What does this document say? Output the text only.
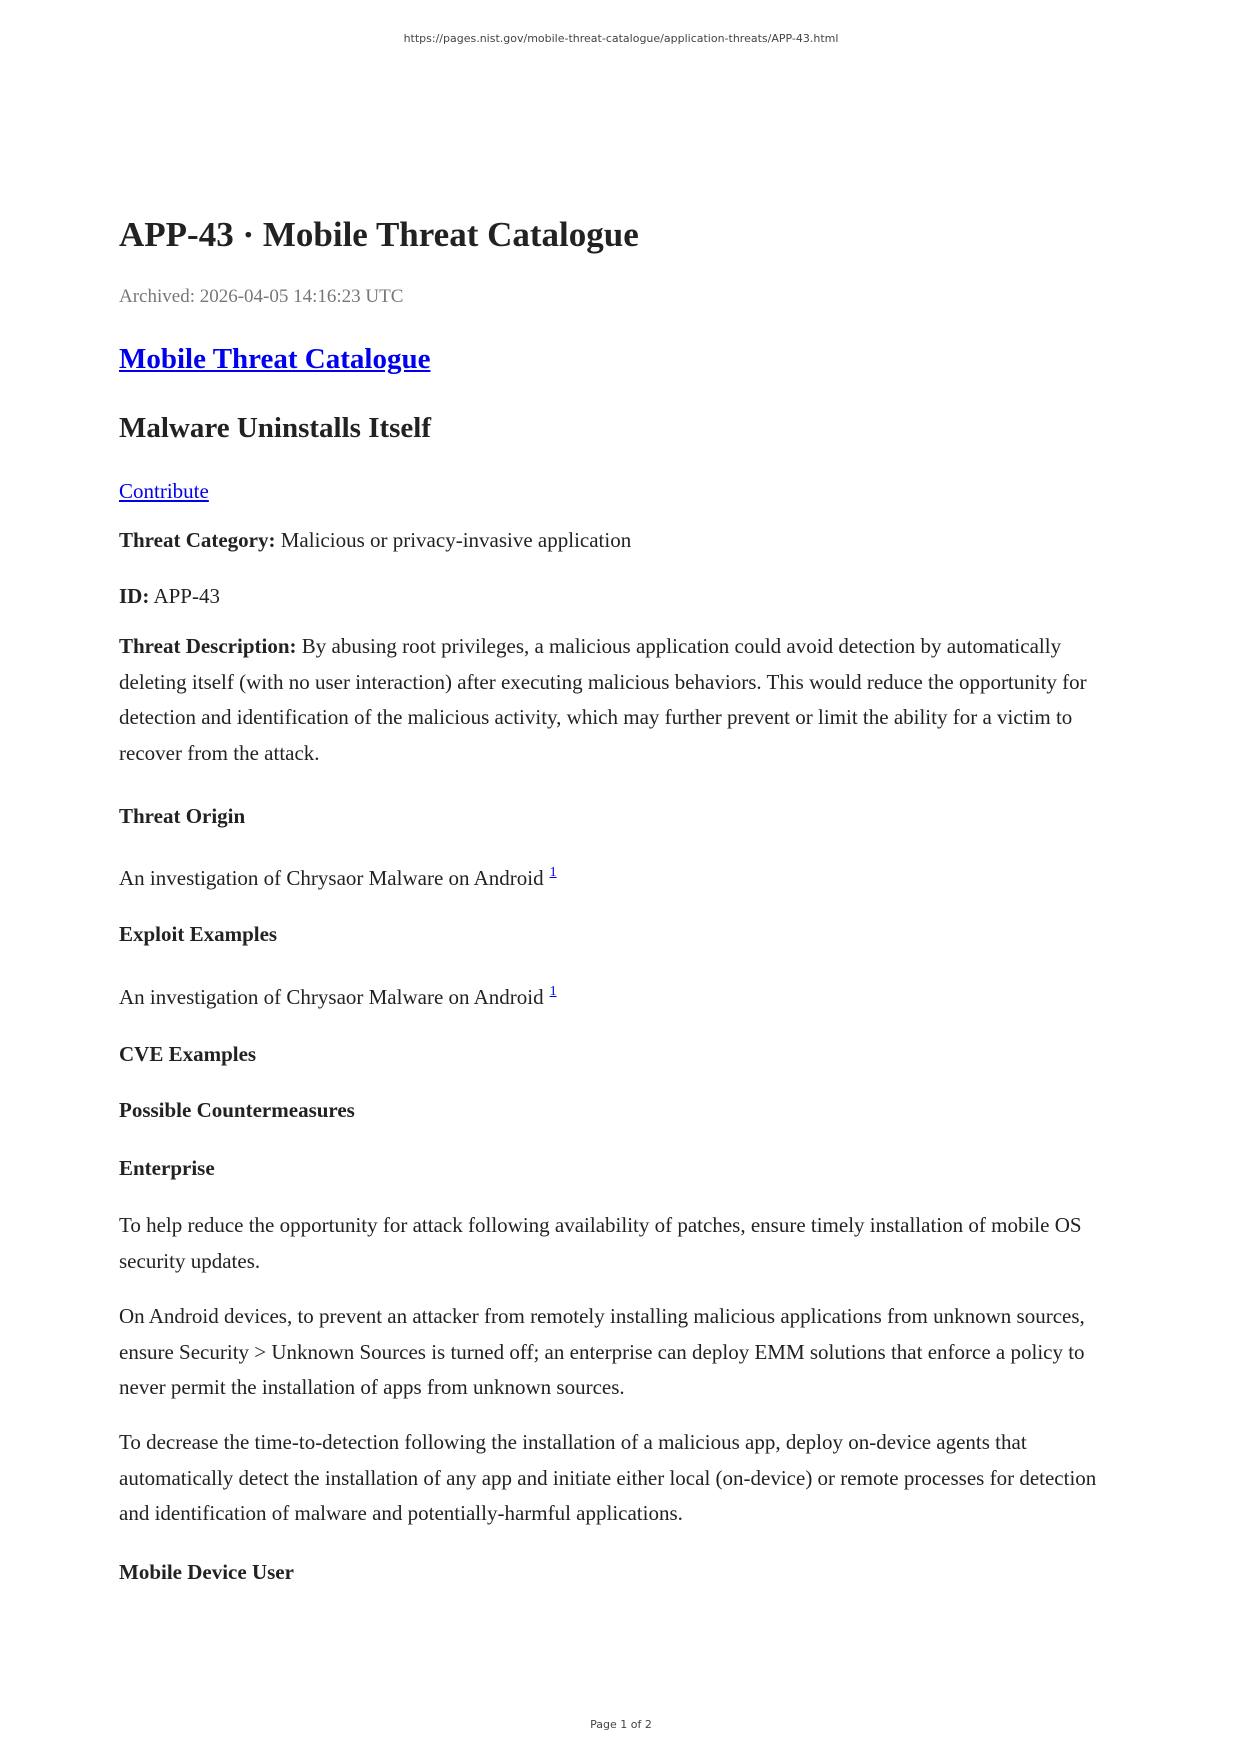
https://pages.nist.gov/mobile-threat-catalogue/application-threats/APP-43.html
APP-43 · Mobile Threat Catalogue
Archived: 2026-04-05 14:16:23 UTC
Mobile Threat Catalogue
Malware Uninstalls Itself
Contribute
Threat Category: Malicious or privacy-invasive application
ID: APP-43

Threat Description: By abusing root privileges, a malicious application could avoid detection by automatically deleting itself (with no user interaction) after executing malicious behaviors. This would reduce the opportunity for detection and identification of the malicious activity, which may further prevent or limit the ability for a victim to recover from the attack.

Threat Origin
An investigation of Chrysaor Malware on Android $^1$
Exploit Examples
An investigation of Chrysaor Malware on Android $^1$
CVE Examples
Possible Countermeasures
Enterprise

To help reduce the opportunity for attack following availability of patches, ensure timely installation of mobile OS security updates.

On Android devices, to prevent an attacker from remotely installing malicious applications from unknown sources, ensure Security > Unknown Sources is turned off; an enterprise can deploy EMM solutions that enforce a policy to never permit the installation of apps from unknown sources.

To decrease the time-to-detection following the installation of a malicious app, deploy on-device agents that automatically detect the installation of any app and initiate either local (on-device) or remote processes for detection and identification of malware and potentially-harmful applications.

Mobile Device User
Page 1 of 2
